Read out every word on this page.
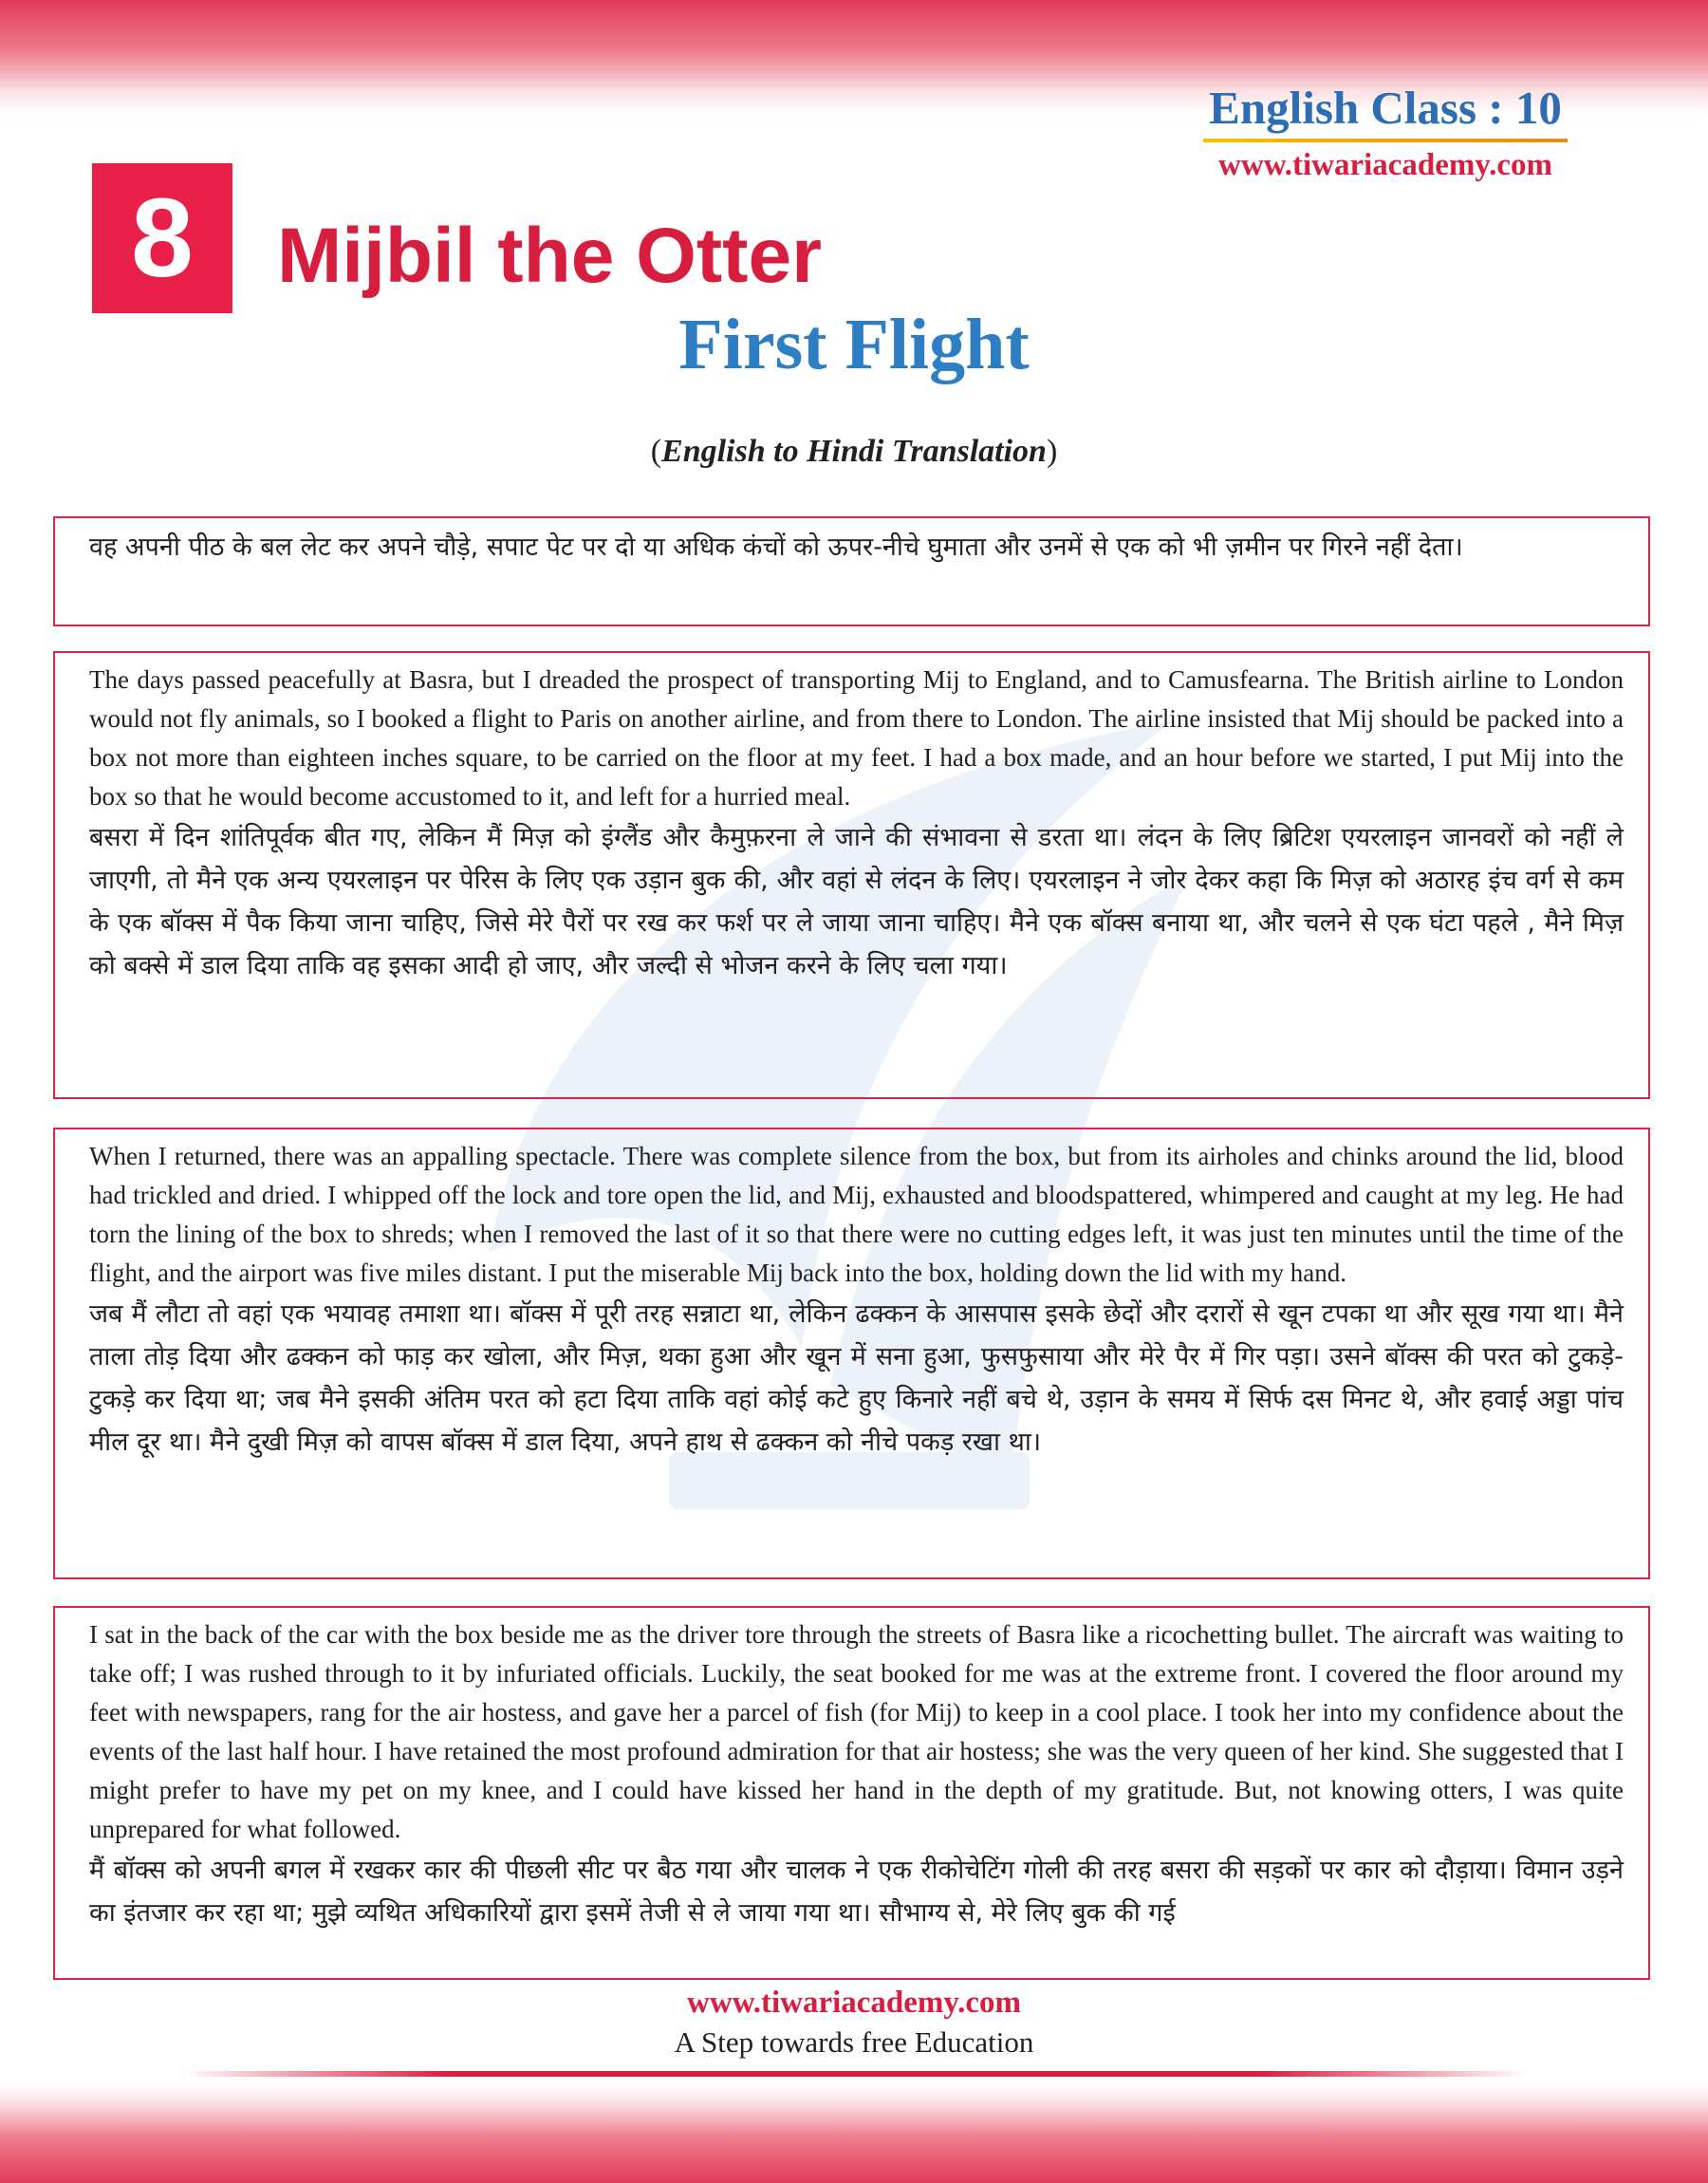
English Class : 10
www.tiwariacademy.com
8	Mijbil the Otter
First Flight
(English to Hindi Translation)

वह अपनी पीठ के बल लेट कर अपने चौड़े, सपाट पेट पर दो या अधिक कंचों को ऊपर-नीचे घुमाता और उनमें से एक को भी ज़मीन पर गिरने नहीं देता।

The days passed peacefully at Basra, but I dreaded the prospect of transporting Mij to England, and to Camusfearna. The British airline to London would not fly animals, so I booked a flight to Paris on another airline, and from there to London. The airline insisted that Mij should be packed into a box not more than eighteen inches square, to be carried on the floor at my feet. I had a box made, and an hour before we started, I put Mij into the box so that he would become accustomed to it, and left for a hurried meal.

बसरा में दिन शांतिपूर्वक बीत गए, लेकिन मैं मिज़ को इंग्लैंड और कैमुफ़रना ले जाने की संभावना से डरता था। लंदन के लिए ब्रिटिश एयरलाइन जानवरों को नहीं ले जाएगी, तो मैने एक अन्य एयरलाइन पर पेरिस के लिए एक उड़ान बुक की, और वहां से लंदन के लिए। एयरलाइन ने जोर देकर कहा कि मिज़ को अठारह इंच वर्ग से कम के एक बॉक्स में पैक किया जाना चाहिए, जिसे मेरे पैरों पर रख कर फर्श पर ले जाया जाना चाहिए। मैने एक बॉक्स बनाया था, और चलने से एक घंटा पहले , मैने मिज़ को बक्से में डाल दिया ताकि वह इसका आदी हो जाए, और जल्दी से भोजन करने के लिए चला गया।

When I returned, there was an appalling spectacle. There was complete silence from the box, but from its airholes and chinks around the lid, blood had trickled and dried. I whipped off the lock and tore open the lid, and Mij, exhausted and bloodspattered, whimpered and caught at my leg. He had torn the lining of the box to shreds; when I removed the last of it so that there were no cutting edges left, it was just ten minutes until the time of the flight, and the airport was five miles distant. I put the miserable Mij back into the box, holding down the lid with my hand.

जब मैं लौटा तो वहां एक भयावह तमाशा था। बॉक्स में पूरी तरह सन्नाटा था, लेकिन ढक्कन के आसपास इसके छेदों और दरारों से खून टपका था और सूख गया था। मैने ताला तोड़ दिया और ढक्कन को फाड़ कर खोला, और मिज़, थका हुआ और खून में सना हुआ, फुसफुसाया और मेरे पैर में गिर पड़ा। उसने बॉक्स की परत को टुकड़े-टुकड़े कर दिया था; जब मैने इसकी अंतिम परत को हटा दिया ताकि वहां कोई कटे हुए किनारे नहीं बचे थे, उड़ान के समय में सिर्फ दस मिनट थे, और हवाई अड्डा पांच मील दूर था। मैने दुखी मिज़ को वापस बॉक्स में डाल दिया, अपने हाथ से ढक्कन को नीचे पकड़ रखा था।

I sat in the back of the car with the box beside me as the driver tore through the streets of Basra like a ricochetting bullet. The aircraft was waiting to take off; I was rushed through to it by infuriated officials. Luckily, the seat booked for me was at the extreme front. I covered the floor around my feet with newspapers, rang for the air hostess, and gave her a parcel of fish (for Mij) to keep in a cool place. I took her into my confidence about the events of the last half hour. I have retained the most profound admiration for that air hostess; she was the very queen of her kind. She suggested that I might prefer to have my pet on my knee, and I could have kissed her hand in the depth of my gratitude. But, not knowing otters, I was quite unprepared for what followed.

मैं बॉक्स को अपनी बगल में रखकर कार की पीछली सीट पर बैठ गया और चालक ने एक रीकोचेटिंग गोली की तरह बसरा की सड़कों पर कार को दौड़ाया। विमान उड़ने का इंतजार कर रहा था; मुझे व्यथित अधिकारियों द्वारा इसमें तेजी से ले जाया गया था। सौभाग्य से, मेरे लिए बुक की गई

www.tiwariacademy.com
A Step towards free Education
